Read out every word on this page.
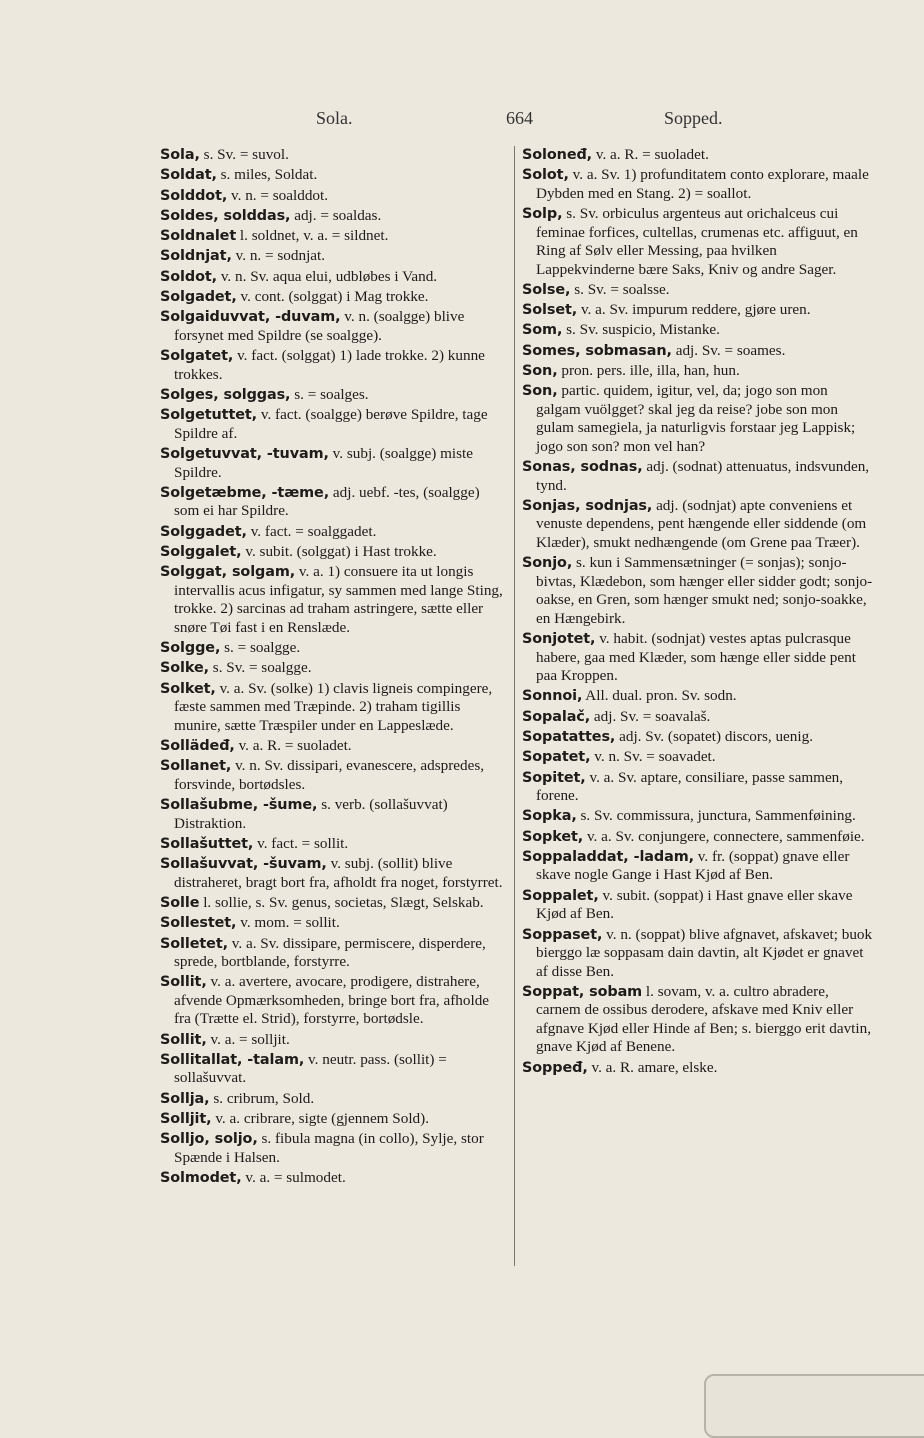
Sola.	664	Sopped.
Sola, s. Sv. = suvol.
Soldat, s. miles, Soldat.
Solddot, v. n. = soalddot.
Soldes, solddas, adj. = soaldas.
Soldnalet l. soldnet, v. a. = sildnet.
Soldnjat, v. n. = sodnjat.
Soldot, v. n. Sv. aqua elui, udbløbes i Vand.
Solgadet, v. cont. (solggat) i Mag trokke.
Solgaiduvvat, -duvam, v. n. (soalgge) blive forsynet med Spildre (se soalgge).
Solgatet, v. fact. (solggat) 1) lade trokke. 2) kunne trokkes.
Solges, solggas, s. = soalges.
Solgetuttet, v. fact. (soalgge) berøve Spildre, tage Spildre af.
Solgetuvvat, -tuvam, v. subj. (soalgge) miste Spildre.
Solgetæbme, -tæme, adj. uebf. -tes, (soalgge) som ei har Spildre.
Solggadet, v. fact. = soalggadet.
Solggalet, v. subit. (solggat) i Hast trokke.
Solggat, solgam, v. a. 1) consuere ita ut longis intervallis acus infigatur, sy sammen med lange Sting, trokke. 2) sarcinas ad traham astringere, sætte eller snøre Tøi fast i en Renslæde.
Solgge, s. = soalgge.
Solke, s. Sv. = soalgge.
Solket, v. a. Sv. (solke) 1) clavis ligneis compingere, fæste sammen med Træpinde. 2) traham tigillis munire, sætte Træspiler under en Lappeslæde.
Sollädeđ, v. a. R. = suoladet.
Sollanet, v. n. Sv. dissipari, evanescere, adspredes, forsvinde, bortødsles.
Sollašubme, -šume, s. verb. (sollašuvvat) Distraktion.
Sollašuttet, v. fact. = sollit.
Sollašuvvat, -šuvam, v. subj. (sollit) blive distraheret, bragt bort fra, afholdt fra noget, forstyrret.
Solle l. sollie, s. Sv. genus, societas, Slægt, Selskab.
Sollestet, v. mom. = sollit.
Solletet, v. a. Sv. dissipare, permiscere, disperdere, sprede, bortblande, forstyrre.
Sollit, v. a. avertere, avocare, prodigere, distrahere, afvende Opmærksomheden, bringe bort fra, afholde fra (Trætte el. Strid), forstyrre, bortødsle.
Sollit, v. a. = solljit.
Sollitallat, -talam, v. neutr. pass. (sollit) = sollašuvvat.
Sollja, s. cribrum, Sold.
Solljit, v. a. cribrare, sigte (gjennem Sold).
Solljo, soljo, s. fibula magna (in collo), Sylje, stor Spænde i Halsen.
Solmodet, v. a. = sulmodet.
Soloneđ, v. a. R. = suoladet.
Solot, v. a. Sv. 1) profunditatem conto explorare, maale Dybden med en Stang. 2) = soallot.
Solp, s. Sv. orbiculus argenteus aut orichalceus cui feminae forfices, cultellas, crumenas etc. affiguut, en Ring af Sølv eller Messing, paa hvilken Lappekvinderne bære Saks, Kniv og andre Sager.
Solse, s. Sv. = soalsse.
Solset, v. a. Sv. impurum reddere, gjøre uren.
Som, s. Sv. suspicio, Mistanke.
Somes, sobmasan, adj. Sv. = soames.
Son, pron. pers. ille, illa, han, hun.
Son, partic. quidem, igitur, vel, da; jogo son mon galgam vuölgget? skal jeg da reise? jobe son mon gulam samegiela, ja naturligvis forstaar jeg Lappisk; jogo son son? mon vel han?
Sonas, sodnas, adj. (sodnat) attenuatus, indsvunden, tynd.
Sonjas, sodnjas, adj. (sodnjat) apte conveniens et venuste dependens, pent hængende eller siddende (om Klæder), smukt nedhængende (om Grene paa Træer).
Sonjo, s. kun i Sammensætninger (= sonjas); sonjo-bivtas, Klædebon, som hænger eller sidder godt; sonjo-oakse, en Gren, som hænger smukt ned; sonjo-soakke, en Hængebirk.
Sonjotet, v. habit. (sodnjat) vestes aptas pulcrasque habere, gaa med Klæder, som hænge eller sidde pent paa Kroppen.
Sonnoi, All. dual. pron. Sv. sodn.
Sopalač, adj. Sv. = soavalaš.
Sopatattes, adj. Sv. (sopatet) discors, uenig.
Sopatet, v. n. Sv. = soavadet.
Sopitet, v. a. Sv. aptare, consiliare, passe sammen, forene.
Sopka, s. Sv. commissura, junctura, Sammenføining.
Sopket, v. a. Sv. conjungere, connectere, sammenføie.
Soppaladdat, -ladam, v. fr. (soppat) gnave eller skave nogle Gange i Hast Kjød af Ben.
Soppalet, v. subit. (soppat) i Hast gnave eller skave Kjød af Ben.
Soppaset, v. n. (soppat) blive afgnavet, afskavet; buok bierggo læ soppasam dain davtin, alt Kjødet er gnavet af disse Ben.
Soppat, sobam l. sovam, v. a. cultro abradere, carnem de ossibus derodere, afskave med Kniv eller afgnave Kjød eller Hinde af Ben; s. bierggo erit davtin, gnave Kjød af Benene.
Soppeđ, v. a. R. amare, elske.
